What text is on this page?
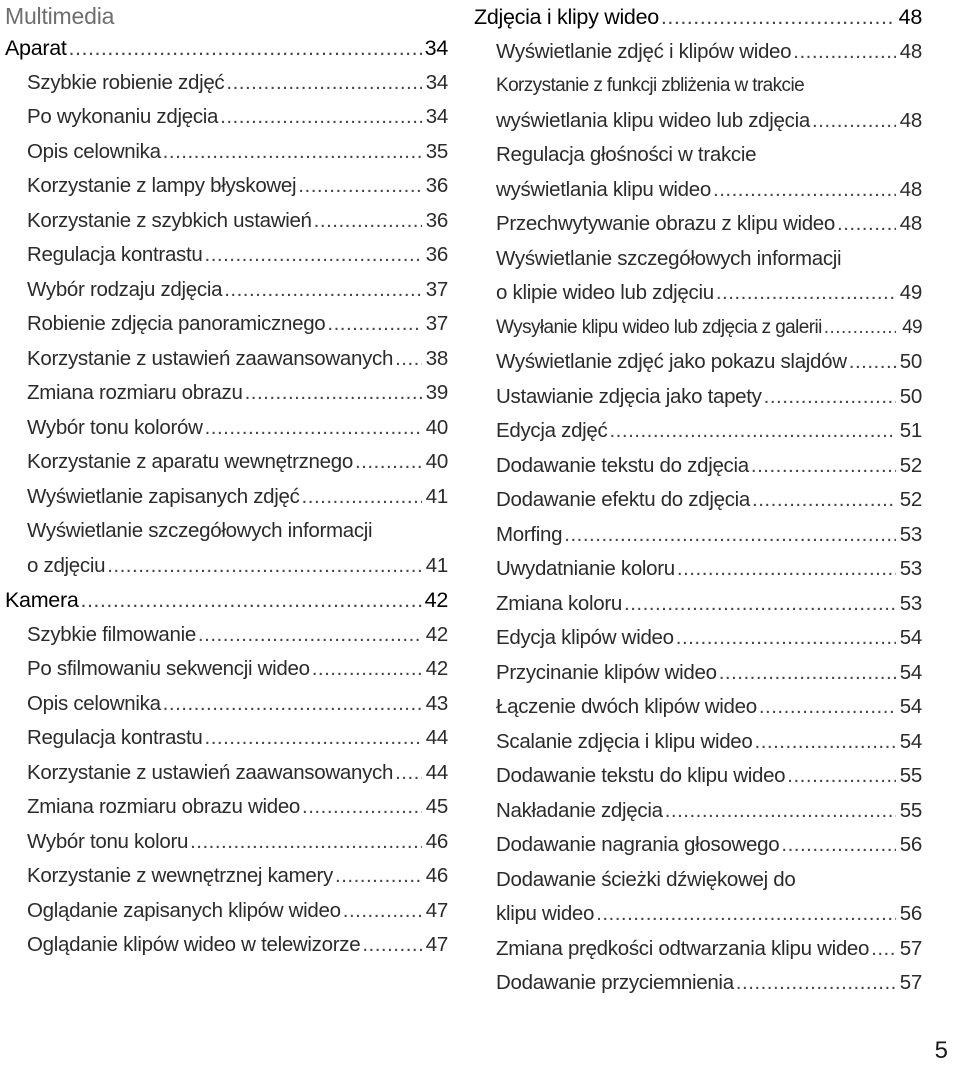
Multimedia
Aparat .....	34
Szybkie robienie zdjęć .....	34
Po wykonaniu zdjęcia .....	34
Opis celownika .....	35
Korzystanie z lampy błyskowej .....	36
Korzystanie z szybkich ustawień .....	36
Regulacja kontrastu .....	36
Wybór rodzaju zdjęcia .....	37
Robienie zdjęcia panoramicznego .....	37
Korzystanie z ustawień zaawansowanych ..... 38
Zmiana rozmiaru obrazu .....	39
Wybór tonu kolorów .....	40
Korzystanie z aparatu wewnętrznego .....	40
Wyświetlanie zapisanych zdjęć .....	41
Wyświetlanie szczegółowych informacji
o zdjęciu .....	41
Kamera .....	42
Szybkie filmowanie .....	42
Po sfilmowaniu sekwencji wideo .....	42
Opis celownika .....	43
Regulacja kontrastu .....	44
Korzystanie z ustawień zaawansowanych ..... 44
Zmiana rozmiaru obrazu wideo .....	45
Wybór tonu koloru .....	46
Korzystanie z wewnętrznej kamery .....	46
Oglądanie zapisanych klipów wideo .....	47
Oglądanie klipów wideo w telewizorze .....	47
Zdjęcia i klipy wideo .....	48
Wyświetlanie zdjęć i klipów wideo .....	48
Korzystanie z funkcji zbliżenia w trakcie
wyświetlania klipu wideo lub zdjęcia .....	48
Regulacja głośności w trakcie
wyświetlania klipu wideo .....	48
Przechwytywanie obrazu z klipu wideo .....	48
Wyświetlanie szczegółowych informacji
o klipie wideo lub zdjęciu .....	49
Wysyłanie klipu wideo lub zdjęcia z galerii .....	49
Wyświetlanie zdjęć jako pokazu slajdów .....	50
Ustawianie zdjęcia jako tapety .....	50
Edycja zdjęć .....	51
Dodawanie tekstu do zdjęcia .....	52
Dodawanie efektu do zdjęcia .....	52
Morfing .....	53
Uwydatnianie koloru .....	53
Zmiana koloru .....	53
Edycja klipów wideo .....	54
Przycinanie klipów wideo .....	54
Łączenie dwóch klipów wideo .....	54
Scalanie zdjęcia i klipu wideo .....	54
Dodawanie tekstu do klipu wideo .....	55
Nakładanie zdjęcia .....	55
Dodawanie nagrania głosowego .....	56
Dodawanie ścieżki dźwiękowej do
klipu wideo .....	56
Zmiana prędkości odtwarzania klipu wideo ..... 57
Dodawanie przyciemnienia .....	57
5
